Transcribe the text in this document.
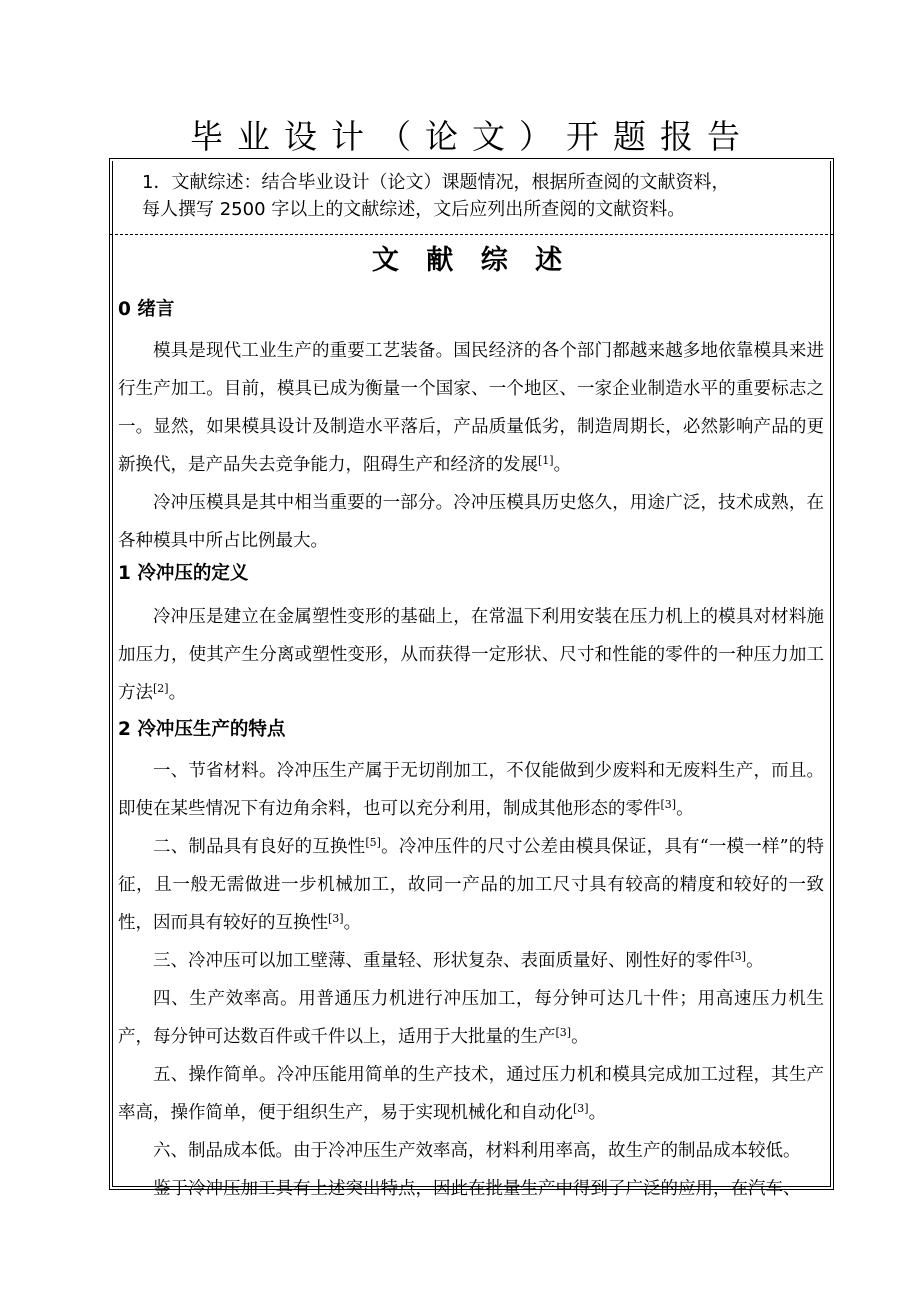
毕业设计（论文）开题报告
1．文献综述：结合毕业设计（论文）课题情况，根据所查阅的文献资料，
每人撰写 2500 字以上的文献综述，文后应列出所查阅的文献资料。
文 献 综 述
0 绪言
模具是现代工业生产的重要工艺装备。国民经济的各个部门都越来越多地依靠模具来进行生产加工。目前，模具已成为衡量一个国家、一个地区、一家企业制造水平的重要标志之一。显然，如果模具设计及制造水平落后，产品质量低劣，制造周期长，必然影响产品的更新换代，是产品失去竞争能力，阻碍生产和经济的发展[1]。
冷冲压模具是其中相当重要的一部分。冷冲压模具历史悠久，用途广泛，技术成熟，在各种模具中所占比例最大。
1 冷冲压的定义
冷冲压是建立在金属塑性变形的基础上，在常温下利用安装在压力机上的模具对材料施加压力，使其产生分离或塑性变形，从而获得一定形状、尺寸和性能的零件的一种压力加工方法[2]。
2 冷冲压生产的特点
一、节省材料。冷冲压生产属于无切削加工，不仅能做到少废料和无废料生产，而且。即使在某些情况下有边角余料，也可以充分利用，制成其他形态的零件[3]。
二、制品具有良好的互换性[5]。冷冲压件的尺寸公差由模具保证，具有“一模一样”的特征，且一般无需做进一步机械加工，故同一产品的加工尺寸具有较高的精度和较好的一致性，因而具有较好的互换性[3]。
三、冷冲压可以加工壁薄、重量轻、形状复杂、表面质量好、刚性好的零件[3]。
四、生产效率高。用普通压力机进行冲压加工，每分钟可达几十件；用高速压力机生产，每分钟可达数百件或千件以上，适用于大批量的生产[3]。
五、操作简单。冷冲压能用简单的生产技术，通过压力机和模具完成加工过程，其生产率高，操作简单，便于组织生产，易于实现机械化和自动化[3]。
六、制品成本低。由于冷冲压生产效率高，材料利用率高，故生产的制品成本较低。
鉴于冷冲压加工具有上述突出特点，因此在批量生产中得到了广泛的应用，在汽车、
